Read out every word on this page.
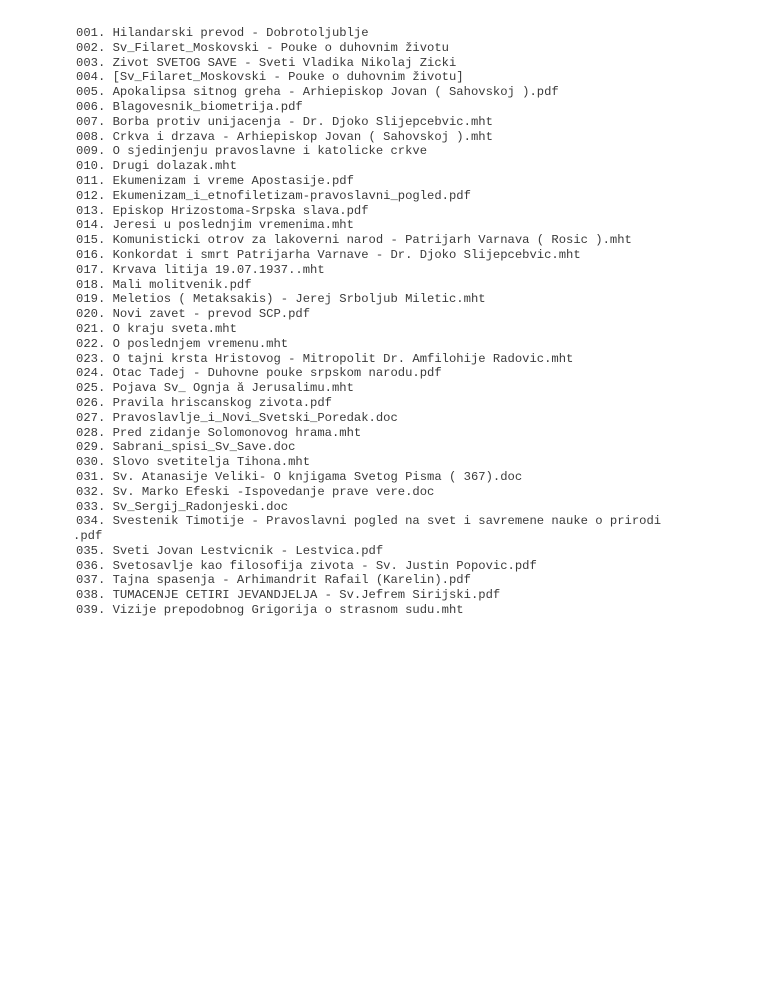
001. Hilandarski prevod - Dobrotoljublje
002. Sv_Filaret_Moskovski - Pouke o duhovnim životu
003. Zivot SVETOG SAVE - Sveti Vladika Nikolaj Zicki
004. [Sv_Filaret_Moskovski - Pouke o duhovnim životu]
005. Apokalipsa sitnog greha - Arhiepiskop Jovan ( Sahovskoj ).pdf
006. Blagovesnik_biometrija.pdf
007. Borba protiv unijacenja - Dr. Djoko Slijepcebvic.mht
008. Crkva i drzava - Arhiepiskop Jovan ( Sahovskoj ).mht
009. O sjedinjenju pravoslavne i katolicke crkve
010. Drugi dolazak.mht
011. Ekumenizam i vreme Apostasije.pdf
012. Ekumenizam_i_etnofiletizam-pravoslavni_pogled.pdf
013. Episkop Hrizostoma-Srpska slava.pdf
014. Jeresi u poslednjim vremenima.mht
015. Komunisticki otrov za lakoverni narod - Patrijarh Varnava ( Rosic ).mht
016. Konkordat i smrt Patrijarha Varnave - Dr. Djoko Slijepcebvic.mht
017. Krvava litija 19.07.1937..mht
018. Mali molitvenik.pdf
019. Meletios ( Metaksakis) - Jerej Srboljub Miletic.mht
020. Novi zavet - prevod SCP.pdf
021. O kraju sveta.mht
022. O poslednjem vremenu.mht
023. O tajni krsta Hristovog - Mitropolit Dr. Amfilohije Radovic.mht
024. Otac Tadej - Duhovne pouke srpskom narodu.pdf
025. Pojava Sv_ Ognja ă Jerusalimu.mht
026. Pravila hriscanskog zivota.pdf
027. Pravoslavlje_i_Novi_Svetski_Poredak.doc
028. Pred zidanje Solomonovog hrama.mht
029. Sabrani_spisi_Sv_Save.doc
030. Slovo svetitelja Tihona.mht
031. Sv. Atanasije Veliki- O knjigama Svetog Pisma ( 367).doc
032. Sv. Marko Efeski -Ispovedanje prave vere.doc
033. Sv_Sergij_Radonjeski.doc
034. Svestenik Timotije - Pravoslavni pogled na svet i savremene nauke o prirodi
.pdf
035. Sveti Jovan Lestvicnik - Lestvica.pdf
036. Svetosavlje kao filosofija zivota - Sv. Justin Popovic.pdf
037. Tajna spasenja - Arhimandrit Rafail (Karelin).pdf
038. TUMACENJE CETIRI JEVANDJELJA - Sv.Jefrem Sirijski.pdf
039. Vizije prepodobnog Grigorija o strasnom sudu.mht
